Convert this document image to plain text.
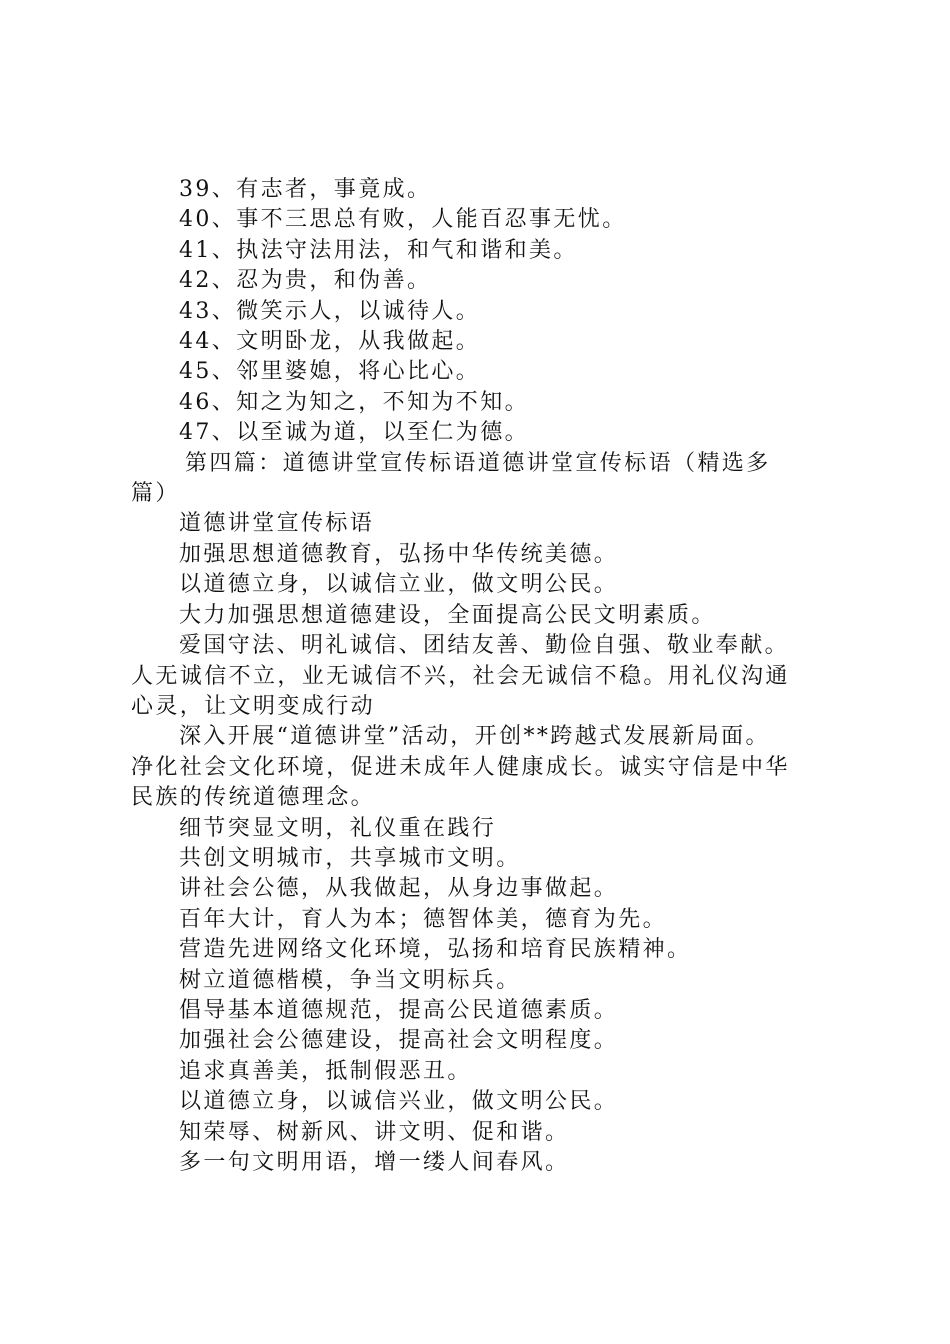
39、有志者，事竟成。
40、事不三思总有败，人能百忍事无忧。
41、执法守法用法，和气和谐和美。
42、忍为贵，和伪善。
43、微笑示人，以诚待人。
44、文明卧龙，从我做起。
45、邻里婆媳，将心比心。
46、知之为知之，不知为不知。
47、以至诚为道，以至仁为德。
第四篇：道德讲堂宣传标语道德讲堂宣传标语（精选多
篇）
道德讲堂宣传标语
加强思想道德教育，弘扬中华传统美德。
以道德立身，以诚信立业，做文明公民。
大力加强思想道德建设，全面提高公民文明素质。
爱国守法、明礼诚信、团结友善、勤俭自强、敬业奉献。
人无诚信不立，业无诚信不兴，社会无诚信不稳。用礼仪沟通
心灵，让文明变成行动
深入开展“道德讲堂”活动，开创**跨越式发展新局面。
净化社会文化环境，促进未成年人健康成长。诚实守信是中华
民族的传统道德理念。
细节突显文明，礼仪重在践行
共创文明城市，共享城市文明。
讲社会公德，从我做起，从身边事做起。
百年大计，育人为本；德智体美，德育为先。
营造先进网络文化环境，弘扬和培育民族精神。
树立道德楷模，争当文明标兵。
倡导基本道德规范，提高公民道德素质。
加强社会公德建设，提高社会文明程度。
追求真善美，抵制假恶丑。
以道德立身，以诚信兴业，做文明公民。
知荣辱、树新风、讲文明、促和谐。
多一句文明用语，增一缕人间春风。
